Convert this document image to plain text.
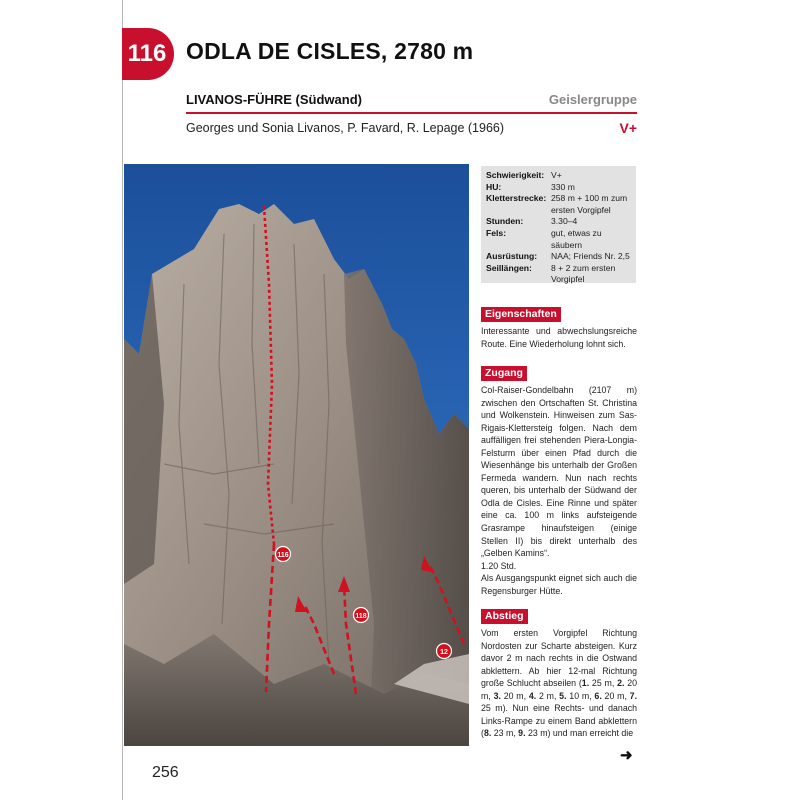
116 ODLA DE CISLES, 2780 m
LIVANOS-FÜHRE (Südwand)	Geislergruppe
Georges und Sonia Livanos, P. Favard, R. Lepage (1966)	V+
116
118
12
Schwierigkeit: V+
HU:	330 m
Kletterstrecke: 258 m + 100 m zum ersten Vorgipfel
Stunden:	3.30–4
Fels:	gut, etwas zu säubern
Ausrüstung:	NAA; Friends Nr. 2,5
Seillängen:	8 + 2 zum ersten Vorgipfel
Eigenschaften
Interessante und abwechslungsreiche Route. Eine Wiederholung lohnt sich.
Zugang
Col-Raiser-Gondelbahn (2107 m) zwischen den Ortschaften St. Christina und Wolkenstein. Hinweisen zum Sas-Rigais-Klettersteig folgen. Nach dem auffälligen frei stehenden Piera-Longia-Felsturm über einen Pfad durch die Wiesenhänge bis unterhalb der Großen Fermeda wandern. Nun nach rechts queren, bis unterhalb der Südwand der Odla de Cisles. Eine Rinne und später eine ca. 100 m links aufsteigende Grasrampe hinaufsteigen (einige Stellen II) bis direkt unterhalb des „Gelben Kamins“.
1.20 Std.
Als Ausgangspunkt eignet sich auch die Regensburger Hütte.
Abstieg
Vom ersten Vorgipfel Richtung Nordosten zur Scharte absteigen. Kurz davor 2 m nach rechts in die Ostwand abklettern. Ab hier 12-mal Richtung große Schlucht abseilen (1. 25 m, 2. 20 m, 3. 20 m, 4. 2 m, 5. 10 m, 6. 20 m, 7. 25 m). Nun eine Rechts- und danach Links-Rampe zu einem Band abklettern (8. 23 m, 9. 23 m) und man erreicht die
256
➜
